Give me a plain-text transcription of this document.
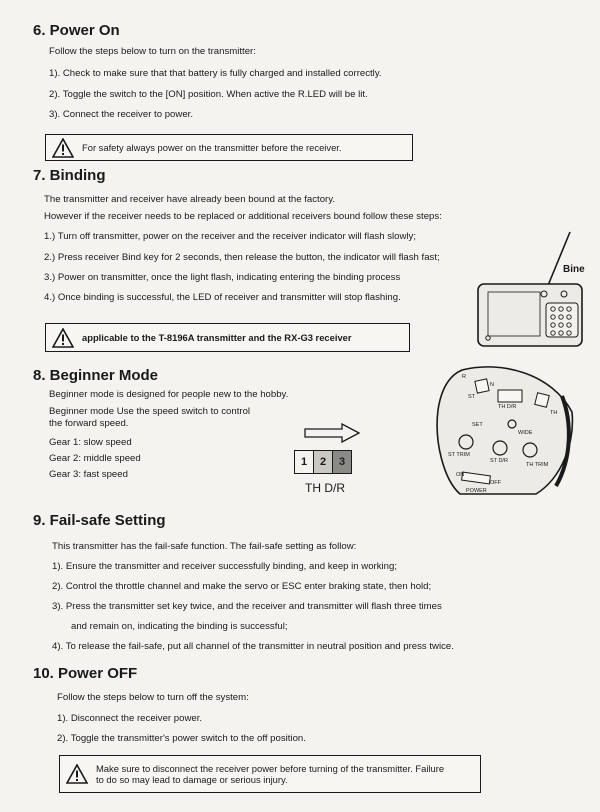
6. Power On
Follow the steps below to turn on the transmitter:
1). Check to make sure that that battery is fully charged and installed correctly.
2). Toggle the switch to the [ON] position. When active the R.LED will be lit.
3). Connect the receiver to power.
For safety always power on the transmitter before the receiver.
7. Binding
The transmitter and receiver have already been bound at the factory.
However if the receiver needs to be replaced or additional receivers bound follow these steps:
1.) Turn off transmitter, power on the receiver and the receiver indicator will flash slowly;
2.) Press receiver Bind key for 2 seconds, then release the button, the indicator will flash fast;
3.) Power on transmitter, once the light flash, indicating entering the binding process
4.) Once binding is successful, the LED of receiver and transmitter will stop flashing.
Bine
applicable to the T-8196A transmitter and the RX-G3 receiver
8. Beginner Mode
Beginner mode is designed for people new to the hobby.
Beginner mode Use the speed switch to control
the forward speed.
Gear 1: slow speed
Gear 2: middle speed
Gear 3: fast speed
1	2	3
TH D/R
R
N
ST
TH D/R
TH
SET
WIDE
ST TRIM
ST D/R
TH TRIM
ON
OFF
POWER
9. Fail-safe Setting
This transmitter has the fail-safe function. The fail-safe setting as follow:
1). Ensure the transmitter and receiver successfully binding, and keep in working;
2). Control the throttle channel and make the servo or ESC enter braking state, then hold;
3). Press the transmitter set key twice, and the receiver and transmitter will flash three times
and remain on, indicating the binding is successful;
4). To release the fail-safe, put all channel of the transmitter in neutral position and press twice.
10. Power OFF
Follow the steps below to turn off the system:
1). Disconnect the receiver power.
2). Toggle the transmitter's power switch to the off position.
Make sure to disconnect the receiver power before turning of the transmitter. Failure
to do so may lead to damage or serious injury.
